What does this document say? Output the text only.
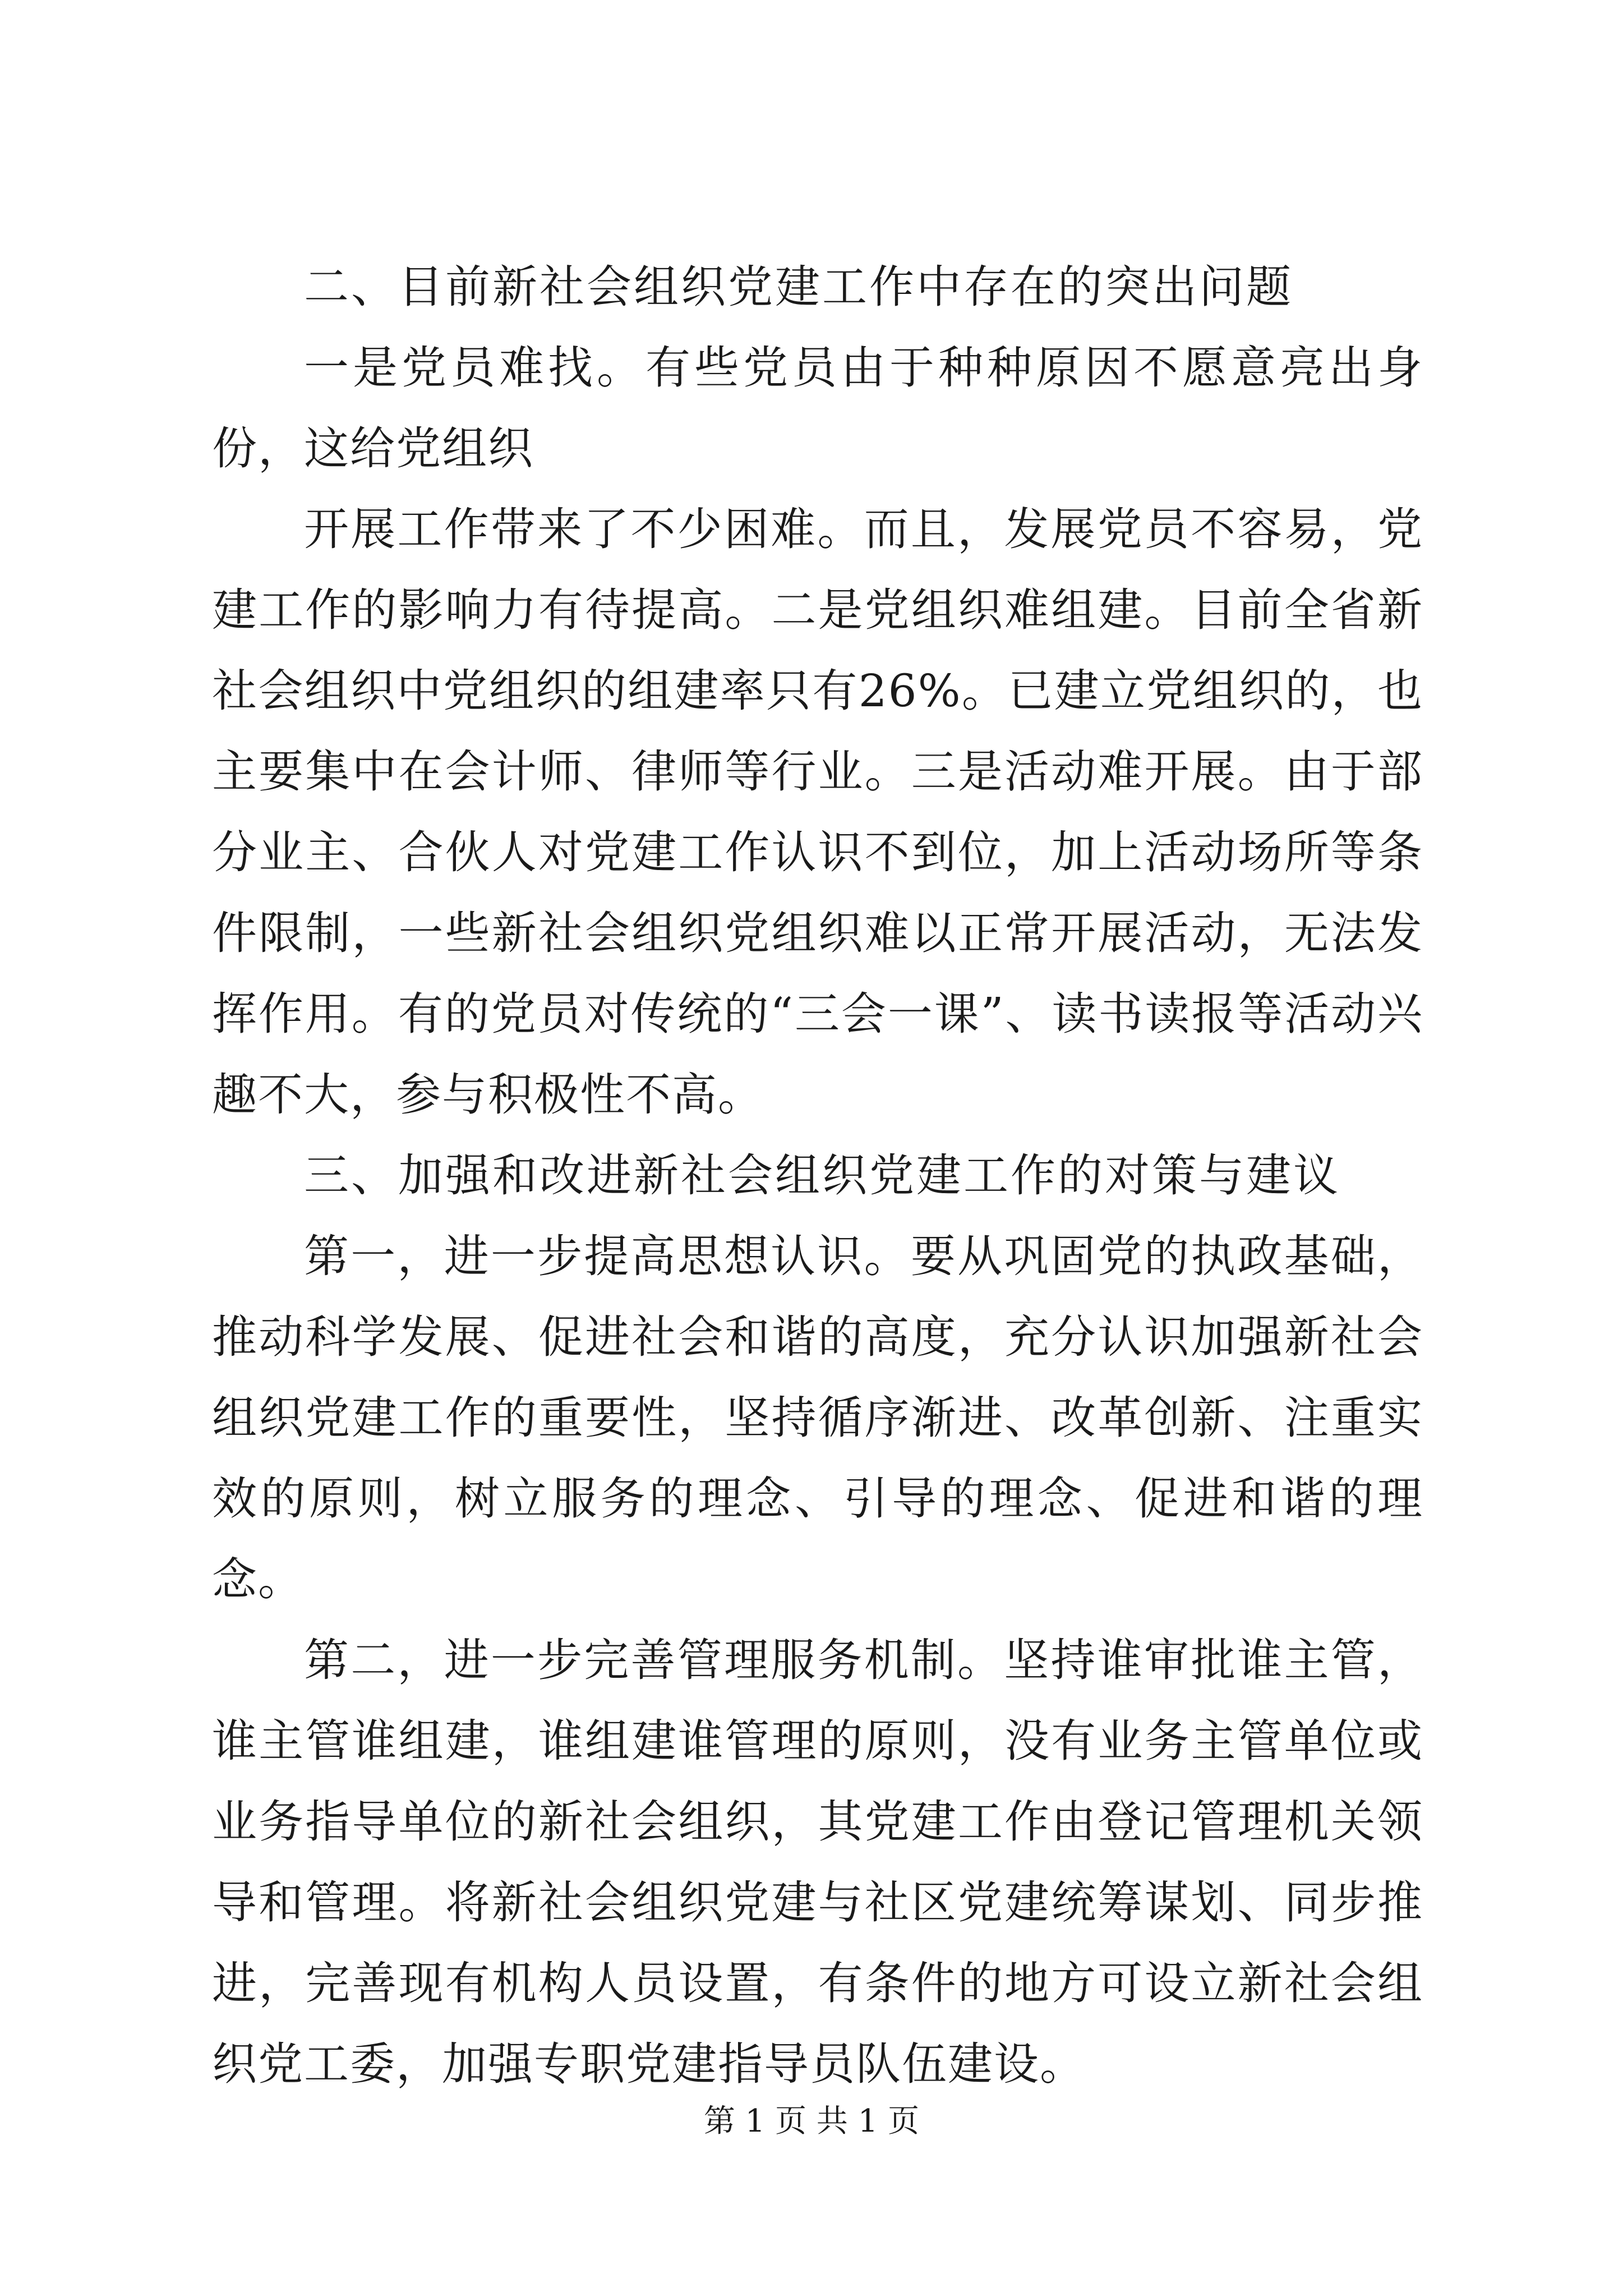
二、目前新社会组织党建工作中存在的突出问题

一是党员难找。有些党员由于种种原因不愿意亮出身份，这给党组织

开展工作带来了不少困难。而且，发展党员不容易，党建工作的影响力有待提高。二是党组织难组建。目前全省新社会组织中党组织的组建率只有26%。已建立党组织的，也主要集中在会计师、律师等行业。三是活动难开展。由于部分业主、合伙人对党建工作认识不到位，加上活动场所等条件限制，一些新社会组织党组织难以正常开展活动，无法发挥作用。有的党员对传统的“三会一课”、读书读报等活动兴趣不大，参与积极性不高。

三、加强和改进新社会组织党建工作的对策与建议

第一，进一步提高思想认识。要从巩固党的执政基础，推动科学发展、促进社会和谐的高度，充分认识加强新社会组织党建工作的重要性，坚持循序渐进、改革创新、注重实效的原则，树立服务的理念、引导的理念、促进和谐的理念。

第二，进一步完善管理服务机制。坚持谁审批谁主管，谁主管谁组建，谁组建谁管理的原则，没有业务主管单位或业务指导单位的新社会组织，其党建工作由登记管理机关领导和管理。将新社会组织党建与社区党建统筹谋划、同步推进，完善现有机构人员设置，有条件的地方可设立新社会组织党工委，加强专职党建指导员队伍建设。

第 1 页 共 1 页
